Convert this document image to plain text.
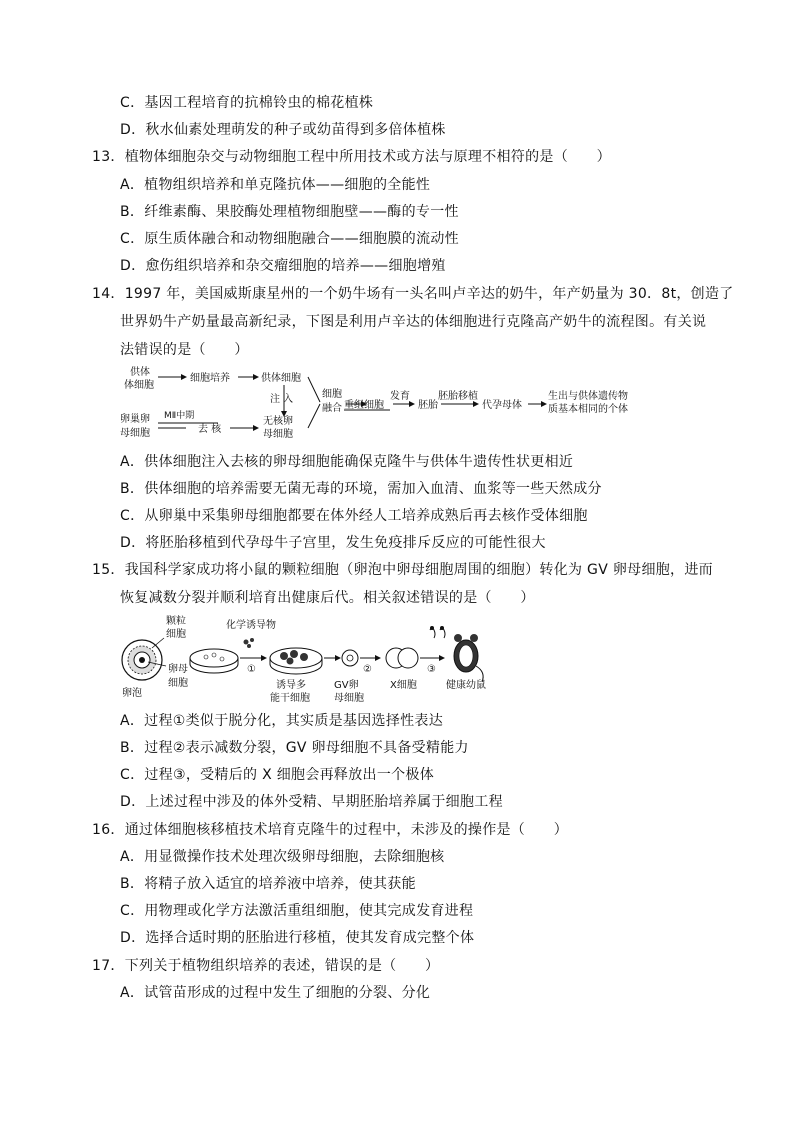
C．基因工程培育的抗棉铃虫的棉花植株
D．秋水仙素处理萌发的种子或幼苗得到多倍体植株
13．植物体细胞杂交与动物细胞工程中所用技术或方法与原理不相符的是（　　）
A．植物组织培养和单克隆抗体——细胞的全能性
B．纤维素酶、果胶酶处理植物细胞壁——酶的专一性
C．原生质体融合和动物细胞融合——细胞膜的流动性
D．愈伤组织培养和杂交瘤细胞的培养——细胞增殖
14．1997 年，美国威斯康星州的一个奶牛场有一头名叫卢辛达的奶牛，年产奶量为 30．8t，创造了
世界奶牛产奶量最高新纪录，下图是利用卢辛达的体细胞进行克隆高产奶牛的流程图。有关说
法错误的是（　　）
供体
体细胞
细胞培养	供体细胞
注 入
卵巢卵
母细胞
MⅡ中期
去 核
无核卵
母细胞
细胞
融合 重组细胞
发育
胚胎
胚胎移植
代孕母体
生出与供体遗传物
质基本相同的个体
A．供体细胞注入去核的卵母细胞能确保克隆牛与供体牛遗传性状更相近
B．供体细胞的培养需要无菌无毒的环境，需加入血清、血浆等一些天然成分
C．从卵巢中采集卵母细胞都要在体外经人工培养成熟后再去核作受体细胞
D．将胚胎移植到代孕母牛子宫里，发生免疫排斥反应的可能性很大
15．我国科学家成功将小鼠的颗粒细胞（卵泡中卵母细胞周围的细胞）转化为 GV 卵母细胞，进而
恢复减数分裂并顺利培育出健康后代。相关叙述错误的是（　　）
颗粒
细胞
卵母
细胞
卵泡
化学诱导物
①
诱导多
能干细胞
GV卵
母细胞
②
X细胞
③
健康幼鼠
A．过程①类似于脱分化，其实质是基因选择性表达
B．过程②表示减数分裂，GV 卵母细胞不具备受精能力
C．过程③，受精后的 X 细胞会再释放出一个极体
D．上述过程中涉及的体外受精、早期胚胎培养属于细胞工程
16．通过体细胞核移植技术培育克隆牛的过程中，未涉及的操作是（　　）
A．用显微操作技术处理次级卵母细胞，去除细胞核
B．将精子放入适宜的培养液中培养，使其获能
C．用物理或化学方法激活重组细胞，使其完成发育进程
D．选择合适时期的胚胎进行移植，使其发育成完整个体
17．下列关于植物组织培养的表述，错误的是（　　）
A．试管苗形成的过程中发生了细胞的分裂、分化
